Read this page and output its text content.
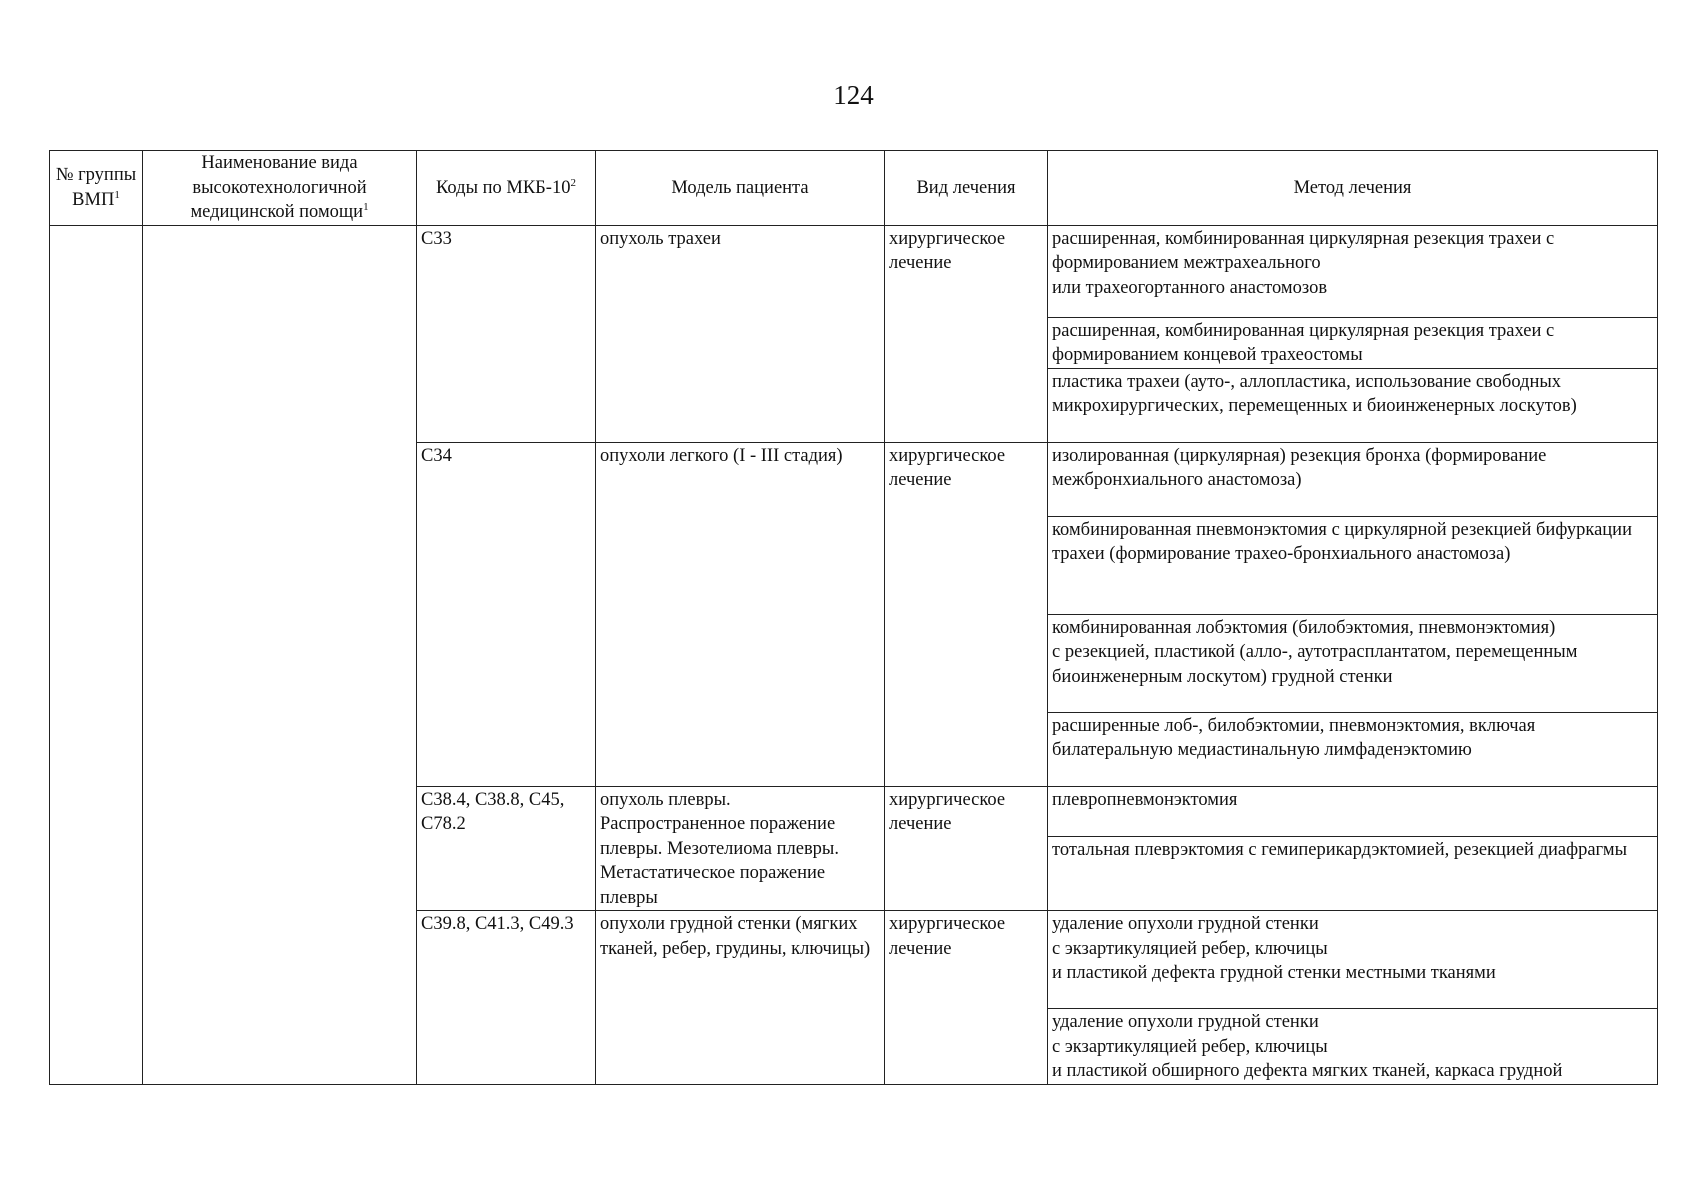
124
№ группы ВМП$^1$	Наименование вида высокотехнологичной медицинской помощи$^1$	Коды по МКБ-$10^2$	Модель пациента	Вид лечения	Метод лечения
		C33	опухоль трахеи	хирургическое лечение	расширенная, комбинированная циркулярная резекция трахеи с формированием межтрахеального
или трахеогортанного анастомозов
					расширенная, комбинированная циркулярная резекция трахеи с формированием концевой трахеостомы
					пластика трахеи (ауто-, аллопластика, использование свободных микрохирургических, перемещенных и биоинженерных лоскутов)
		C34	опухоли легкого (I - III стадия)	хирургическое лечение	изолированная (циркулярная) резекция бронха (формирование межбронхиального анастомоза)
					комбинированная пневмонэктомия с циркулярной резекцией бифуркации трахеи (формирование трахео-бронхиального анастомоза)
					комбинированная лобэктомия (билобэктомия, пневмонэктомия)
с резекцией, пластикой (алло-, аутотрасплантатом, перемещенным биоинженерным лоскутом) грудной стенки
					расширенные лоб-, билобэктомии, пневмонэктомия, включая билатеральную медиастинальную лимфаденэктомию
		C38.4, C38.8, C45, C78.2	опухоль плевры. Распространенное поражение плевры. Мезотелиома плевры. Метастатическое поражение плевры	хирургическое лечение	плевропневмонэктомия
					тотальная плеврэктомия с гемиперикардэктомией, резекцией диафрагмы
		C39.8, C41.3, C49.3	опухоли грудной стенки (мягких тканей, ребер, грудины, ключицы)	хирургическое лечение	удаление опухоли грудной стенки
с экзартикуляцией ребер, ключицы
и пластикой дефекта грудной стенки местными тканями
					удаление опухоли грудной стенки
с экзартикуляцией ребер, ключицы
и пластикой обширного дефекта мягких тканей, каркаса грудной
